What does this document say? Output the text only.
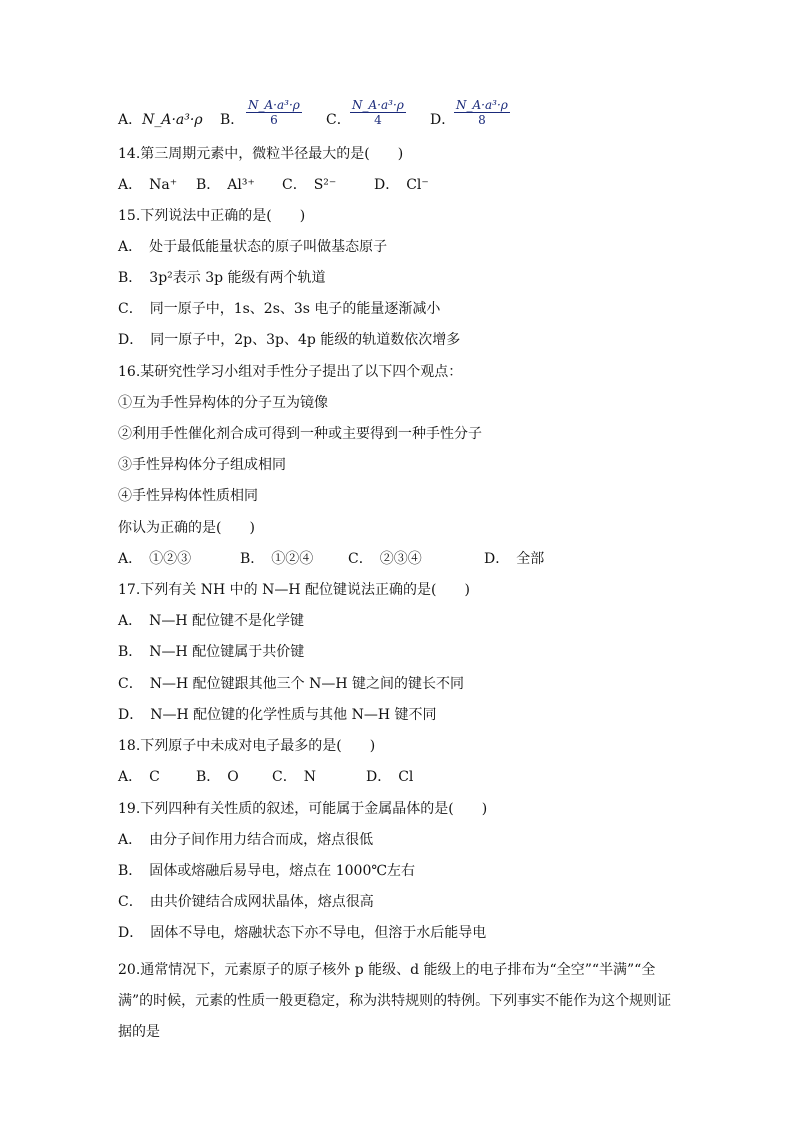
A．N_A·a³·ρ B． $\frac{\text{N\_A·a³·ρ}}{6}$ C． $\frac{\text{N\_A·a³·ρ}}{4}$ D．
$\frac{\text{N\_A·a³·ρ}}{8}$
14.第三周期元素中，微粒半径最大的是(　　)
A．　Na⁺ B．　Al³⁺ C．　S²⁻	D．　Cl⁻
15.下列说法中正确的是(　　)
A．　处于最低能量状态的原子叫做基态原子
B．　3p²表示 3p 能级有两个轨道
C．　同一原子中，1s、2s、3s 电子的能量逐渐减小
D．　同一原子中，2p、3p、4p 能级的轨道数依次增多
16.某研究性学习小组对手性分子提出了以下四个观点：
①互为手性异构体的分子互为镜像
②利用手性催化剂合成可得到一种或主要得到一种手性分子
③手性异构体分子组成相同
④手性异构体性质相同
你认为正确的是(　　)
A．　①②③	B．　①②④ C．　②③④	D．　全部
17.下列有关 NH 中的 N—H 配位键说法正确的是(　　)
A．　N—H 配位键不是化学键
B．　N—H 配位键属于共价键
C．　N—H 配位键跟其他三个 N—H 键之间的键长不同
D．　N—H 配位键的化学性质与其他 N—H 键不同
18.下列原子中未成对电子最多的是(　　)
A．　C	B．　O C．　N	D．　Cl
19.下列四种有关性质的叙述，可能属于金属晶体的是(　　)
A．　由分子间作用力结合而成，熔点很低
B．　固体或熔融后易导电，熔点在 1000℃左右
C．　由共价键结合成网状晶体，熔点很高
D．　固体不导电，熔融状态下亦不导电，但溶于水后能导电
20.通常情况下，元素原子的原子核外 p 能级、d 能级上的电子排布为“全空”“半满”“全满”的时候，元素的性质一般更稳定，称为洪特规则的特例。下列事实不能作为这个规则证据的是
